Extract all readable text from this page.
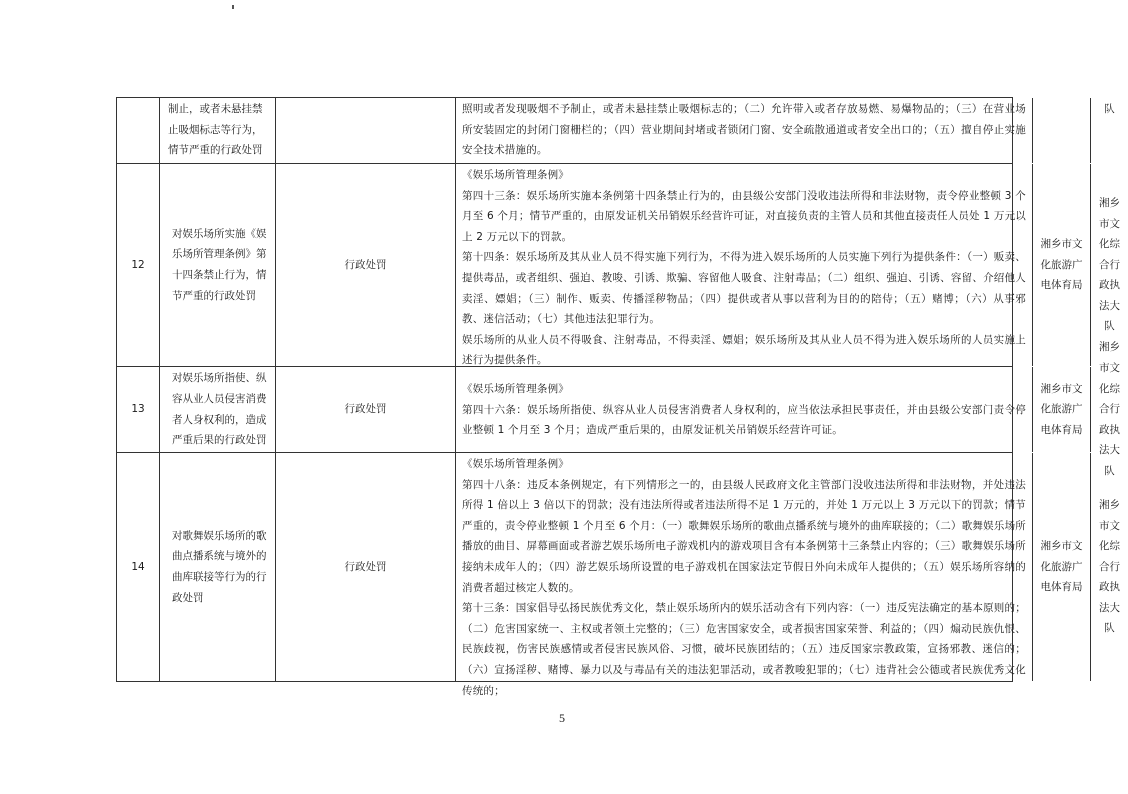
制止，或者未悬挂禁止吸烟标志等行为，情节严重的行政处罚
照明或者发现吸烟不予制止，或者未悬挂禁止吸烟标志的；（二）允许带入或者存放易燃、易爆物品的；（三）在营业场所安装固定的封闭门窗栅栏的；（四）营业期间封堵或者锁闭门窗、安全疏散通道或者安全出口的；（五）擅自停止实施安全技术措施的。
队
12
对娱乐场所实施《娱乐场所管理条例》第十四条禁止行为，情节严重的行政处罚
行政处罚
《娱乐场所管理条例》
第四十三条：娱乐场所实施本条例第十四条禁止行为的，由县级公安部门没收违法所得和非法财物，责令停业整顿 3 个月至 6 个月；情节严重的，由原发证机关吊销娱乐经营许可证，对直接负责的主管人员和其他直接责任人员处 1 万元以上 2 万元以下的罚款。
第十四条：娱乐场所及其从业人员不得实施下列行为，不得为进入娱乐场所的人员实施下列行为提供条件：（一）贩卖、提供毒品，或者组织、强迫、教唆、引诱、欺骗、容留他人吸食、注射毒品；（二）组织、强迫、引诱、容留、介绍他人卖淫、嫖娼；（三）制作、贩卖、传播淫秽物品；（四）提供或者从事以营利为目的的陪侍；（五）赌博；（六）从事邪教、迷信活动；（七）其他违法犯罪行为。
娱乐场所的从业人员不得吸食、注射毒品，不得卖淫、嫖娼；娱乐场所及其从业人员不得为进入娱乐场所的人员实施上述行为提供条件。
湘乡市文化旅游广电体育局
湘乡市文化综合行政执法大队
13
对娱乐场所指使、纵容从业人员侵害消费者人身权利的，造成严重后果的行政处罚
行政处罚
《娱乐场所管理条例》
第四十六条：娱乐场所指使、纵容从业人员侵害消费者人身权利的，应当依法承担民事责任，并由县级公安部门责令停业整顿 1 个月至 3 个月；造成严重后果的，由原发证机关吊销娱乐经营许可证。
湘乡市文化旅游广电体育局
湘乡市文化综合行政执法大队
14
对歌舞娱乐场所的歌曲点播系统与境外的曲库联接等行为的行政处罚
行政处罚
《娱乐场所管理条例》
第四十八条：违反本条例规定，有下列情形之一的，由县级人民政府文化主管部门没收违法所得和非法财物，并处违法所得 1 倍以上 3 倍以下的罚款；没有违法所得或者违法所得不足 1 万元的，并处 1 万元以上 3 万元以下的罚款；情节严重的，责令停业整顿 1 个月至 6 个月：（一）歌舞娱乐场所的歌曲点播系统与境外的曲库联接的；（二）歌舞娱乐场所播放的曲目、屏幕画面或者游艺娱乐场所电子游戏机内的游戏项目含有本条例第十三条禁止内容的；（三）歌舞娱乐场所接纳未成年人的；（四）游艺娱乐场所设置的电子游戏机在国家法定节假日外向未成年人提供的；（五）娱乐场所容纳的消费者超过核定人数的。
第十三条：国家倡导弘扬民族优秀文化，禁止娱乐场所内的娱乐活动含有下列内容：（一）违反宪法确定的基本原则的；（二）危害国家统一、主权或者领土完整的；（三）危害国家安全，或者损害国家荣誉、利益的；（四）煽动民族仇恨、民族歧视，伤害民族感情或者侵害民族风俗、习惯，破坏民族团结的；（五）违反国家宗教政策，宣扬邪教、迷信的；（六）宣扬淫秽、赌博、暴力以及与毒品有关的违法犯罪活动，或者教唆犯罪的；（七）违背社会公德或者民族优秀文化传统的；
湘乡市文化旅游广电体育局
湘乡市文化综合行政执法大队
5
